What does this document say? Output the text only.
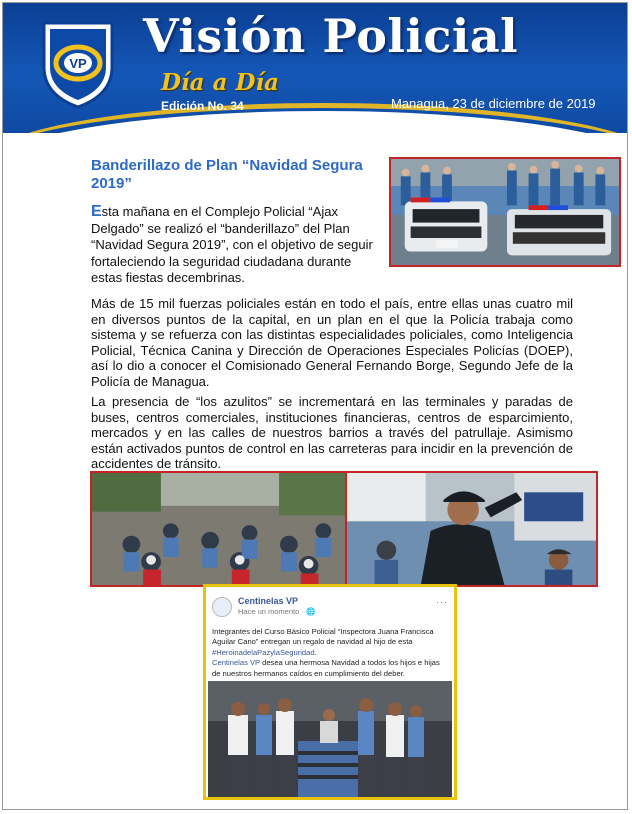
VP
Visión Policial
Día a Día
Edición No. 34	Managua, 23 de diciembre de 2019
Banderillazo de Plan “Navidad Segura 2019”
Esta mañana en el Complejo Policial “Ajax Delgado” se realizó el “banderillazo” del Plan “Navidad Segura 2019”, con el objetivo de seguir fortaleciendo la seguridad ciudadana durante estas fiestas decembrinas.
Más de 15 mil fuerzas policiales están en todo el país, entre ellas unas cuatro mil en diversos puntos de la capital, en un plan en el que la Policía trabaja como sistema y se refuerza con las distintas especialidades policiales, como Inteligencia Policial, Técnica Canina y Dirección de Operaciones Especiales Policías (DOEP), así lo dio a conocer el Comisionado General Fernando Borge, Segundo Jefe de la Policía de Managua.
La presencia de “los azulitos” se incrementará en las terminales y paradas de buses, centros comerciales, instituciones financieras, centros de esparcimiento, mercados y en las calles de nuestros barrios a través del patrullaje. Asimismo están activados puntos de control en las carreteras para incidir en la prevención de accidentes de tránsito.
Centinelas VP
Hace un momento · 🌐
···
Integrantes del Curso Básico Policial “Inspectora Juana Francisca Aguilar Cano” entregan un regalo de navidad al hijo de esta #HeroinadelaPazylaSeguridad.
Centinelas VP desea una hermosa Navidad a todos los hijos e hijas de nuestros hermanos caídos en cumplimiento del deber.
